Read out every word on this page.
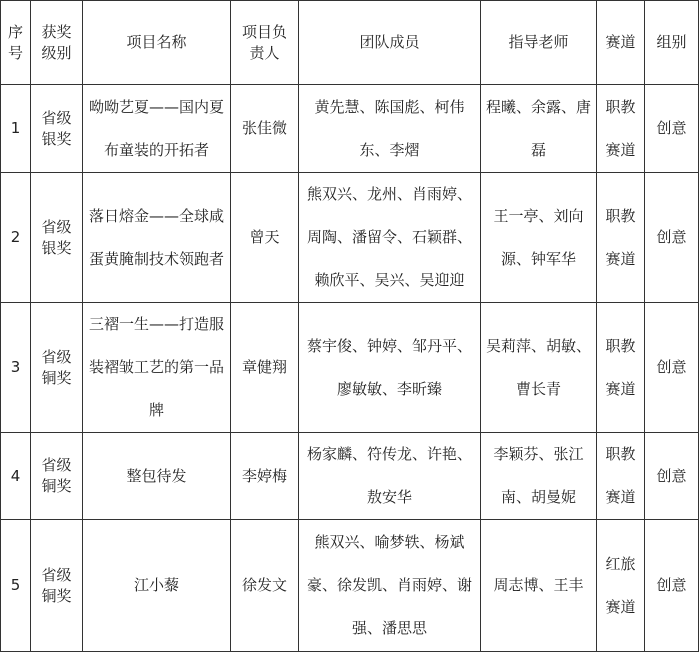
序号	获奖级别	项目名称	项目负责人	团队成员	指导老师	赛道	组别

1	省级银奖	呦呦艺夏——国内夏布童装的开拓者	张佳微	黄先慧、陈国彪、柯伟东、李熠	程曦、余露、唐磊	职教赛道	创意

2	省级银奖	落日熔金——全球咸蛋黄腌制技术领跑者	曾天	熊双兴、龙州、肖雨婷、周陶、潘留令、石颖群、赖欣平、吴兴、吴迎迎	王一亭、刘向源、钟军华	职教赛道	创意

3	省级铜奖	三褶一生——打造服装褶皱工艺的第一品牌	章健翔	蔡宇俊、钟婷、邹丹平、廖敏敏、李昕臻	吴莉萍、胡敏、曹长青	职教赛道	创意

4	省级铜奖	整包待发	李婷梅	杨家麟、符传龙、许艳、敖安华	李颖芬、张江南、胡曼妮	职教赛道	创意

5	省级铜奖	江小藜	徐发文	熊双兴、喻梦轶、杨斌豪、徐发凯、肖雨婷、谢强、潘思思	周志博、王丰	红旅赛道	创意
